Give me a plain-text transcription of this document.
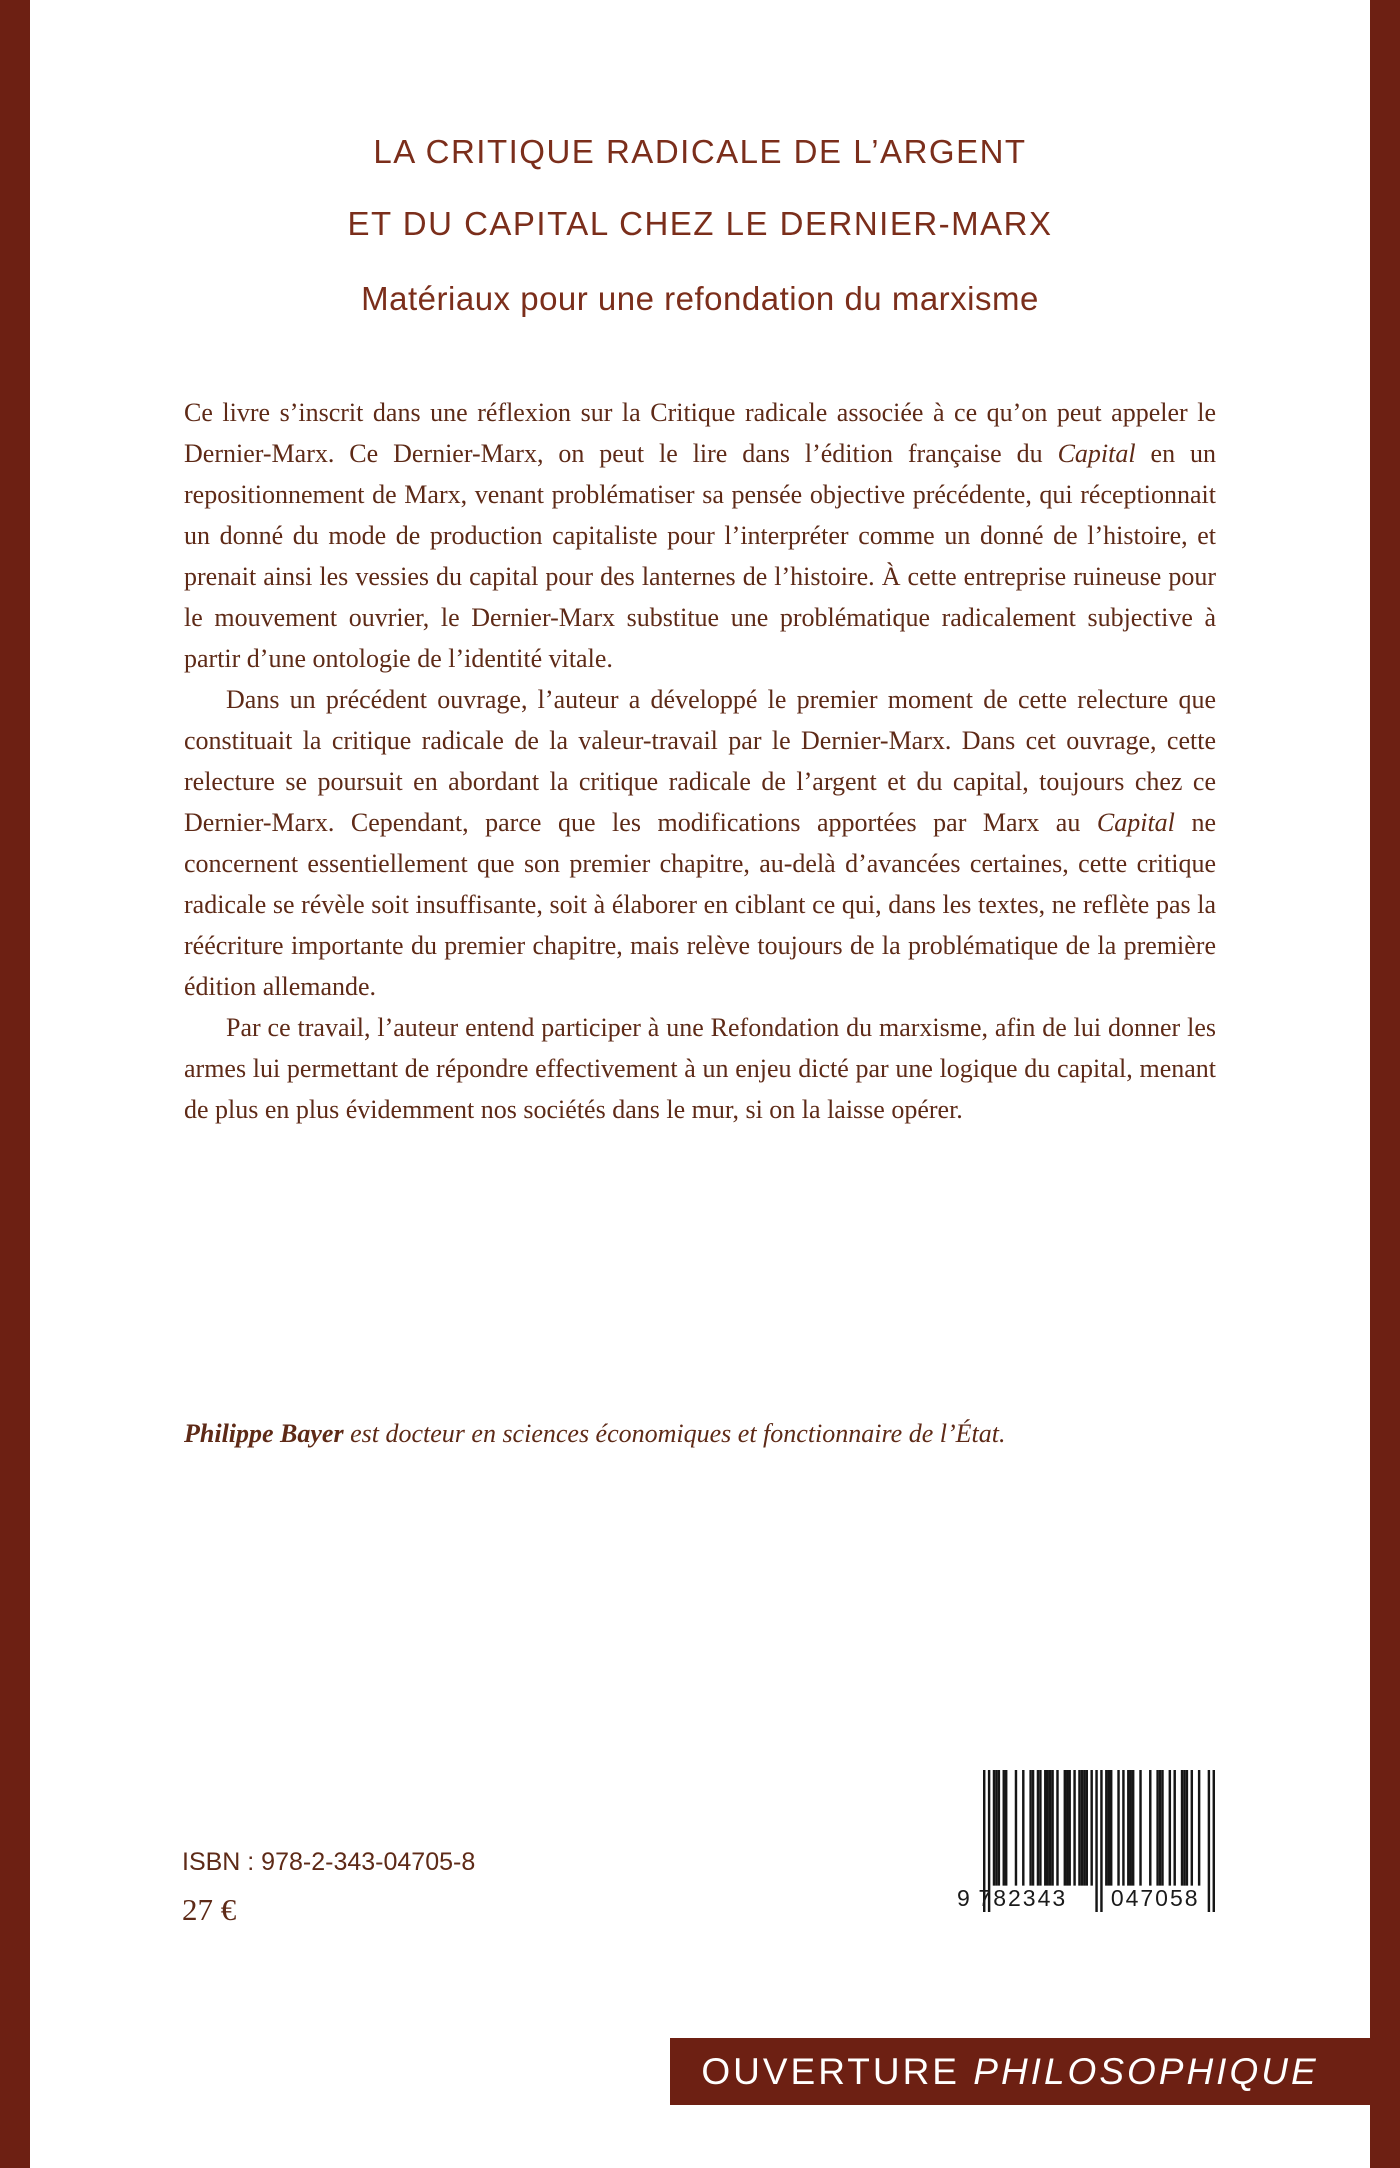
LA CRITIQUE RADICALE DE L’ARGENT
ET DU CAPITAL CHEZ LE DERNIER-MARX
Matériaux pour une refondation du marxisme

Ce livre s’inscrit dans une réflexion sur la Critique radicale associée à ce qu’on peut appeler le Dernier-Marx. Ce Dernier-Marx, on peut le lire dans l’édition française du Capital en un repositionnement de Marx, venant problématiser sa pensée objective précédente, qui réceptionnait un donné du mode de production capitaliste pour l’interpréter comme un donné de l’histoire, et prenait ainsi les vessies du capital pour des lanternes de l’histoire. À cette entreprise ruineuse pour le mouvement ouvrier, le Dernier-Marx substitue une problématique radicalement subjective à partir d’une ontologie de l’identité vitale.

Dans un précédent ouvrage, l’auteur a développé le premier moment de cette relecture que constituait la critique radicale de la valeur-travail par le Dernier-Marx. Dans cet ouvrage, cette relecture se poursuit en abordant la critique radicale de l’argent et du capital, toujours chez ce Dernier-Marx. Cependant, parce que les modifications apportées par Marx au Capital ne concernent essentiellement que son premier chapitre, au-delà d’avancées certaines, cette critique radicale se révèle soit insuffisante, soit à élaborer en ciblant ce qui, dans les textes, ne reflète pas la réécriture importante du premier chapitre, mais relève toujours de la problématique de la première édition allemande.

Par ce travail, l’auteur entend participer à une Refondation du marxisme, afin de lui donner les armes lui permettant de répondre effectivement à un enjeu dicté par une logique du capital, menant de plus en plus évidemment nos sociétés dans le mur, si on la laisse opérer.

Philippe Bayer est docteur en sciences économiques et fonctionnaire de l’État.
ISBN : 978-2-343-04705-8
27 €	9 782343 047058
OUVERTURE PHILOSOPHIQUE
